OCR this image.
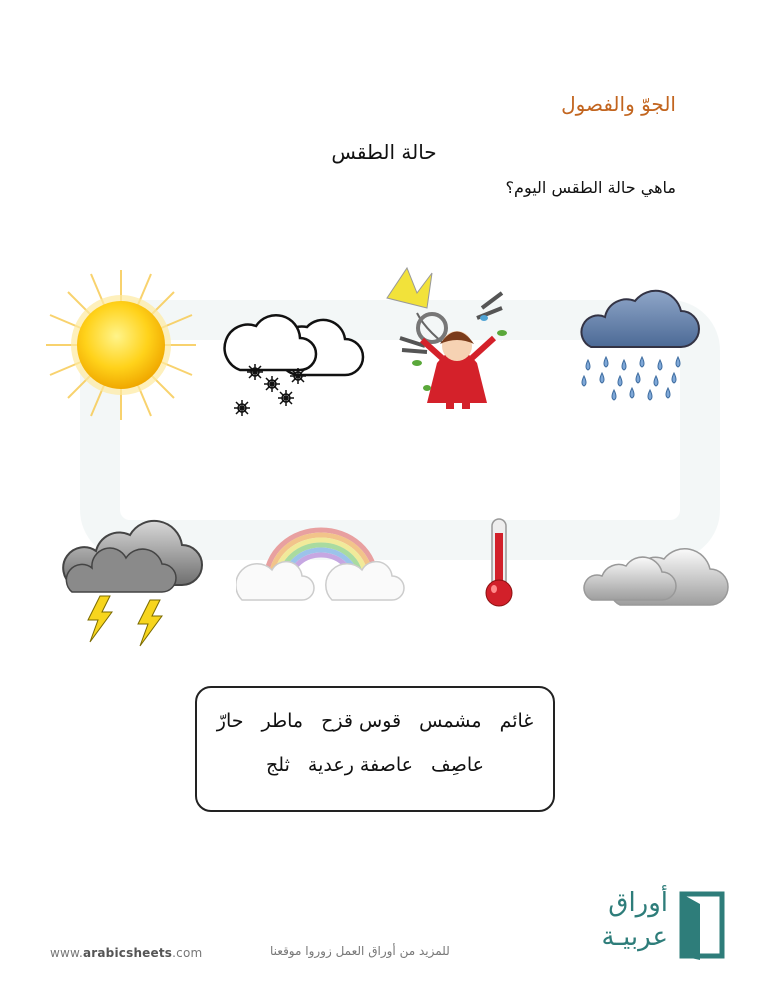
الجوّ والفصول
حالة الطقس
ماهي حالة الطقس اليوم؟
غائم مشمس قوس قزح ماطر حارّ
عاصِف عاصفة رعدية ثلج
www.arabicsheets.com	للمزيد من أوراق العمل زوروا موقعنا
أوراق
عربيـة
